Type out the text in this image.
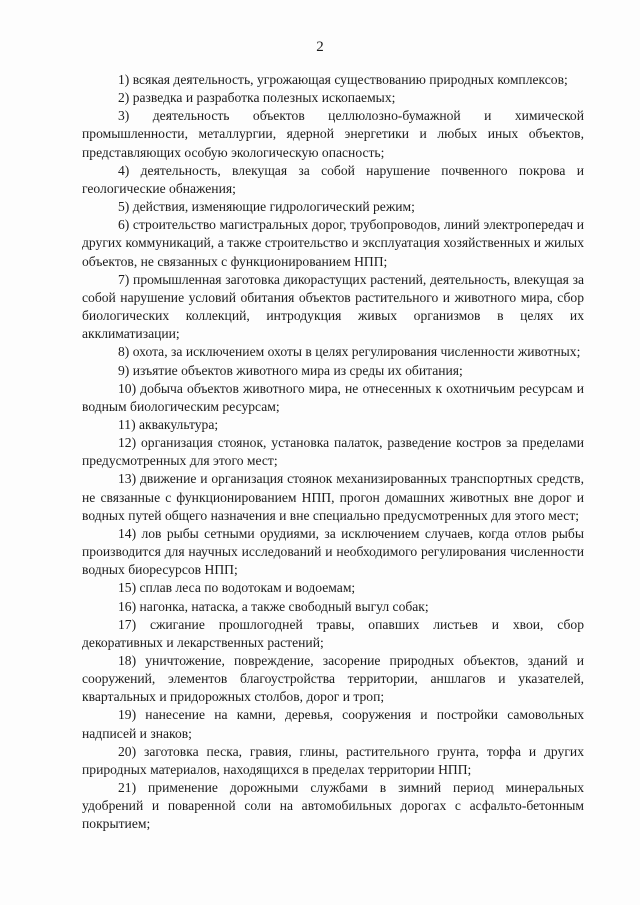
2

1) всякая деятельность, угрожающая существованию природных комплексов;

2) разведка и разработка полезных ископаемых;

3) деятельность объектов целлюлозно-бумажной и химической промышленности, металлургии, ядерной энергетики и любых иных объектов, представляющих особую экологическую опасность;

4) деятельность, влекущая за собой нарушение почвенного покрова и геологические обнажения;

5) действия, изменяющие гидрологический режим;

6) строительство магистральных дорог, трубопроводов, линий электропередач и других коммуникаций, а также строительство и эксплуатация хозяйственных и жилых объектов, не связанных с функционированием НПП;

7) промышленная заготовка дикорастущих растений, деятельность, влекущая за собой нарушение условий обитания объектов растительного и животного мира, сбор биологических коллекций, интродукция живых организмов в целях их акклиматизации;

8) охота, за исключением охоты в целях регулирования численности животных;

9) изъятие объектов животного мира из среды их обитания;

10) добыча объектов животного мира, не отнесенных к охотничьим ресурсам и водным биологическим ресурсам;

11) аквакультура;

12) организация стоянок, установка палаток, разведение костров за пределами предусмотренных для этого мест;

13) движение и организация стоянок механизированных транспортных средств, не связанные с функционированием НПП, прогон домашних животных вне дорог и водных путей общего назначения и вне специально предусмотренных для этого мест;

14) лов рыбы сетными орудиями, за исключением случаев, когда отлов рыбы производится для научных исследований и необходимого регулирования численности водных биоресурсов НПП;

15) сплав леса по водотокам и водоемам;

16) нагонка, натаска, а также свободный выгул собак;

17) сжигание прошлогодней травы, опавших листьев и хвои, сбор декоративных и лекарственных растений;

18) уничтожение, повреждение, засорение природных объектов, зданий и сооружений, элементов благоустройства территории, аншлагов и указателей, квартальных и придорожных столбов, дорог и троп;

19) нанесение на камни, деревья, сооружения и постройки самовольных надписей и знаков;

20) заготовка песка, гравия, глины, растительного грунта, торфа и других природных материалов, находящихся в пределах территории НПП;

21) применение дорожными службами в зимний период минеральных удобрений и поваренной соли на автомобильных дорогах с асфальто-бетонным покрытием;
